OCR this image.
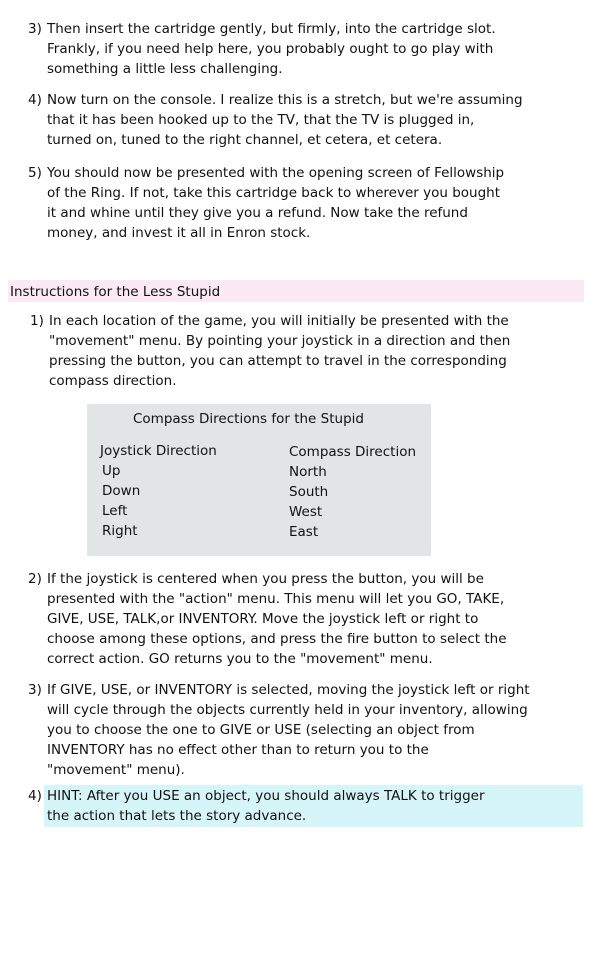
3) Then insert the cartridge gently, but firmly, into the cartridge slot.
Frankly, if you need help here, you probably ought to go play with
something a little less challenging.
4) Now turn on the console. I realize this is a stretch, but we're assuming
that it has been hooked up to the TV, that the TV is plugged in,
turned on, tuned to the right channel, et cetera, et cetera.
5) You should now be presented with the opening screen of Fellowship
of the Ring. If not, take this cartridge back to wherever you bought
it and whine until they give you a refund. Now take the refund
money, and invest it all in Enron stock.
Instructions for the Less Stupid
1) In each location of the game, you will initially be presented with the
"movement" menu. By pointing your joystick in a direction and then
pressing the button, you can attempt to travel in the corresponding
compass direction.
Compass Directions for the Stupid
Joystick Direction
Up
Down
Left
Right
Compass Direction
North
South
West
East
2) If the joystick is centered when you press the button, you will be
presented with the "action" menu. This menu will let you GO, TAKE,
GIVE, USE, TALK,or INVENTORY. Move the joystick left or right to
choose among these options, and press the fire button to select the
correct action. GO returns you to the "movement" menu.
3) If GIVE, USE, or INVENTORY is selected, moving the joystick left or right
will cycle through the objects currently held in your inventory, allowing
you to choose the one to GIVE or USE (selecting an object from
INVENTORY has no effect other than to return you to the
"movement" menu).
4) HINT: After you USE an object, you should always TALK to trigger
the action that lets the story advance.
